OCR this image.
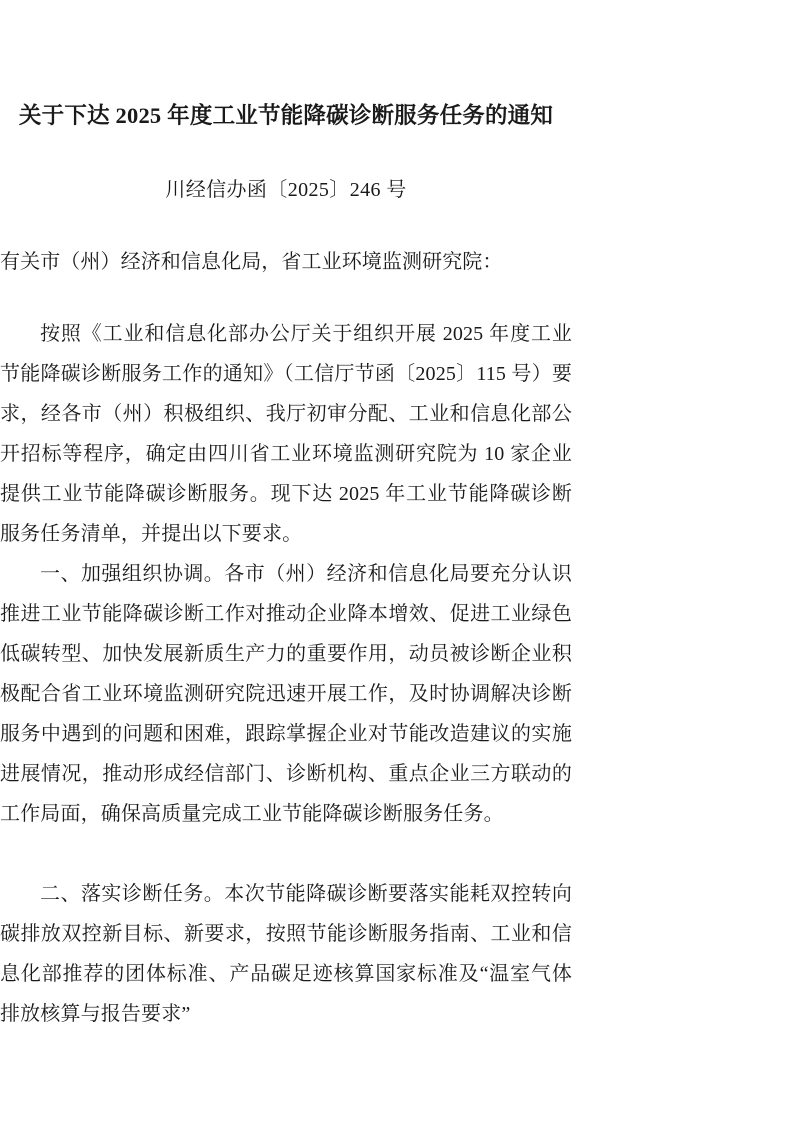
关于下达 2025 年度工业节能降碳诊断服务任务的通知
川经信办函〔2025〕246 号
有关市（州）经济和信息化局，省工业环境监测研究院：

按照《工业和信息化部办公厅关于组织开展 2025 年度工业节能降碳诊断服务工作的通知》（工信厅节函〔2025〕115 号）要求，经各市（州）积极组织、我厅初审分配、工业和信息化部公开招标等程序，确定由四川省工业环境监测研究院为 10 家企业提供工业节能降碳诊断服务。现下达 2025 年工业节能降碳诊断服务任务清单，并提出以下要求。

一、加强组织协调。各市（州）经济和信息化局要充分认识推进工业节能降碳诊断工作对推动企业降本增效、促进工业绿色低碳转型、加快发展新质生产力的重要作用，动员被诊断企业积极配合省工业环境监测研究院迅速开展工作，及时协调解决诊断服务中遇到的问题和困难，跟踪掌握企业对节能改造建议的实施进展情况，推动形成经信部门、诊断机构、重点企业三方联动的工作局面，确保高质量完成工业节能降碳诊断服务任务。

二、落实诊断任务。本次节能降碳诊断要落实能耗双控转向碳排放双控新目标、新要求，按照节能诊断服务指南、工业和信息化部推荐的团体标准、产品碳足迹核算国家标准及“温室气体排放核算与报告要求”
